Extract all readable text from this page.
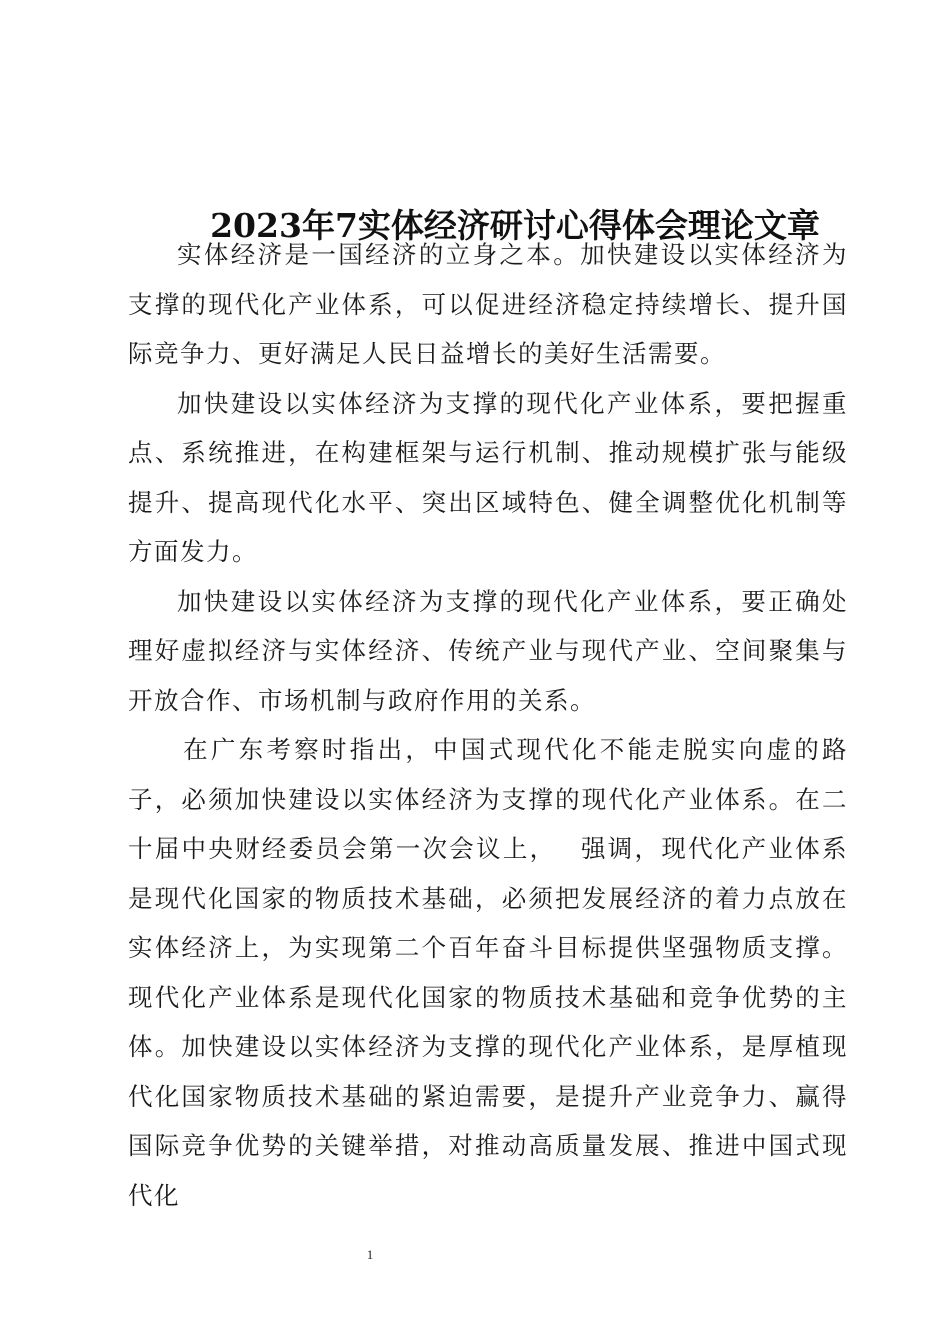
2023年7实体经济研讨心得体会理论文章

实体经济是一国经济的立身之本。加快建设以实体经济为支撑的现代化产业体系，可以促进经济稳定持续增长、提升国际竞争力、更好满足人民日益增长的美好生活需要。

加快建设以实体经济为支撑的现代化产业体系，要把握重点、系统推进，在构建框架与运行机制、推动规模扩张与能级提升、提高现代化水平、突出区域特色、健全调整优化机制等方面发力。

加快建设以实体经济为支撑的现代化产业体系，要正确处理好虚拟经济与实体经济、传统产业与现代产业、空间聚集与开放合作、市场机制与政府作用的关系。

在广东考察时指出，中国式现代化不能走脱实向虚的路子，必须加快建设以实体经济为支撑的现代化产业体系。在二十届中央财经委员会第一次会议上，　 强调，现代化产业体系是现代化国家的物质技术基础，必须把发展经济的着力点放在实体经济上，为实现第二个百年奋斗目标提供坚强物质支撑。现代化产业体系是现代化国家的物质技术基础和竞争优势的主体。加快建设以实体经济为支撑的现代化产业体系，是厚植现代化国家物质技术基础的紧迫需要，是提升产业竞争力、赢得国际竞争优势的关键举措，对推动高质量发展、推进中国式现代化

1
